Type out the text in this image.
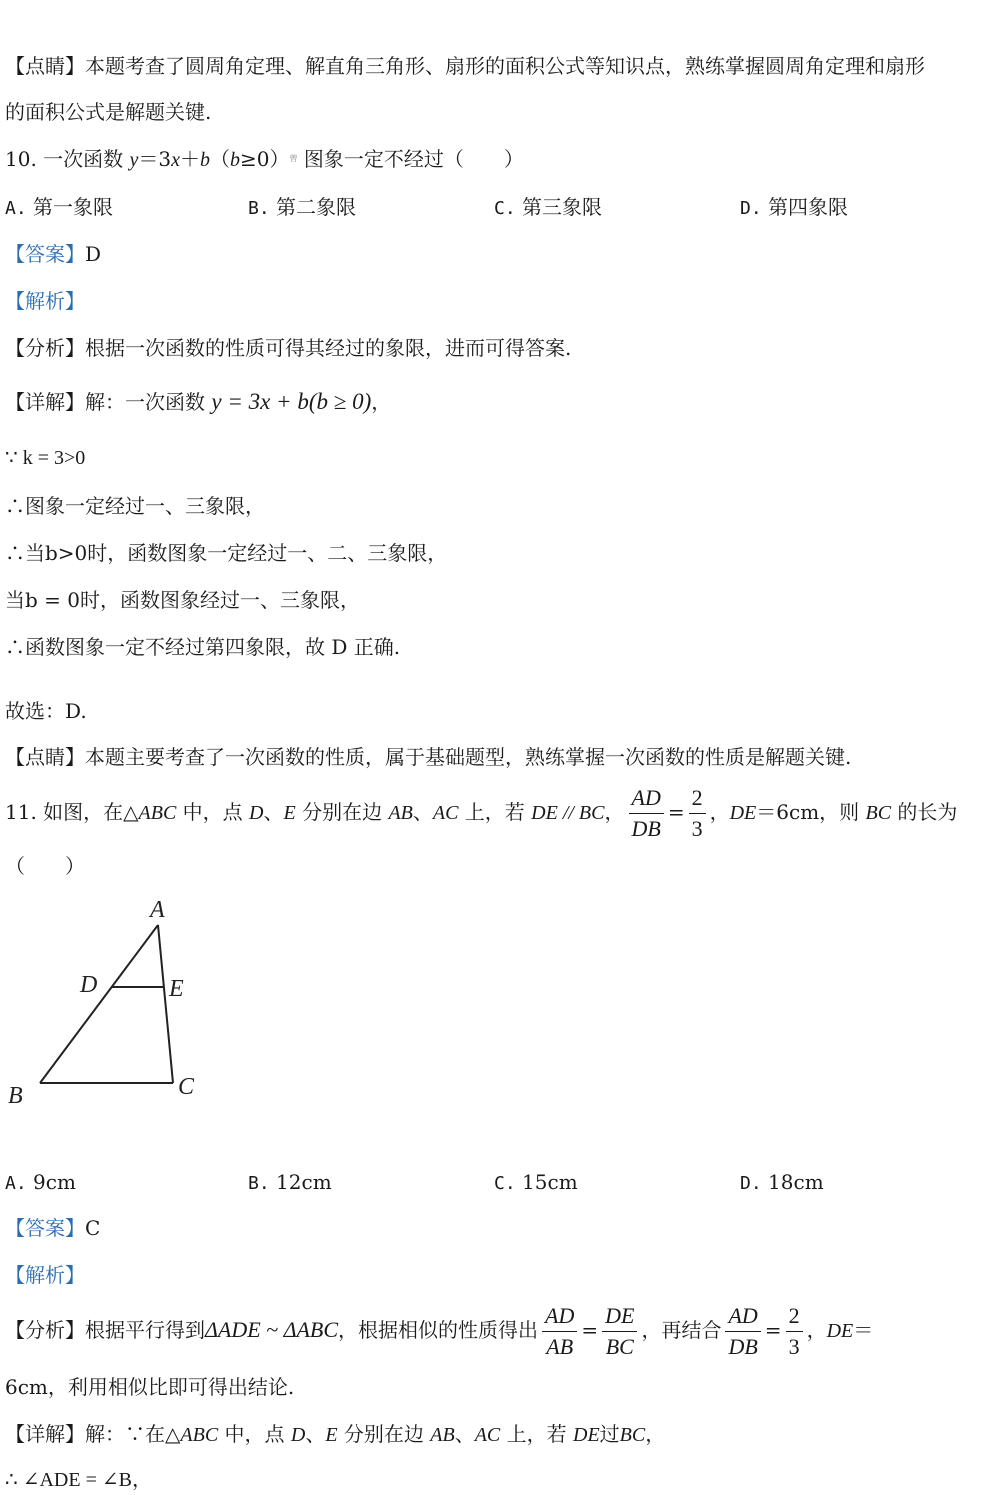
【点睛】本题考查了圆周角定理、解直角三角形、扇形的面积公式等知识点，熟练掌握圆周角定理和扇形
的面积公式是解题关键.
10. 一次函数 y＝3x＋b（b≥0）$^曾$ 图象一定不经过（　　）
A. 第一象限	B. 第二象限	C. 第三象限	D. 第四象限
【答案】D
【解析】
【分析】根据一次函数的性质可得其经过的象限，进而可得答案.
【详解】解：一次函数 y = 3x + b(b ≥ 0)，
∵ k = 3>0
∴图象一定经过一、三象限，
∴当b>0时，函数图象一定经过一、二、三象限，
当b = 0时，函数图象经过一、三象限，
∴函数图象一定不经过第四象限，故 D 正确.
故选：D.
【点睛】本题主要考查了一次函数的性质，属于基础题型，熟练掌握一次函数的性质是解题关键.
11. 如图，在△ABC 中，点 D、E 分别在边 AB、AC 上，若 DE // BC， $\frac{AD}{DB} = \frac{2}{3}$ ，DE＝6cm，则 BC 的长为
（　　）
A
D	E
B	C
A. 9cm	B. 12cm	C. 15cm	D. 18cm
【答案】C
【解析】
【分析】根据平行得到ΔADE ~ ΔABC，根据相似的性质得出 $\frac{AD}{AB} = \frac{DE}{BC}$ ，再结合 $\frac{AD}{DB} = \frac{2}{3}$ ，DE＝
6cm，利用相似比即可得出结论.
【详解】解：∵在△ABC 中，点 D、E 分别在边 AB、AC 上，若 DE过BC，
∴ ∠ADE = ∠B，
